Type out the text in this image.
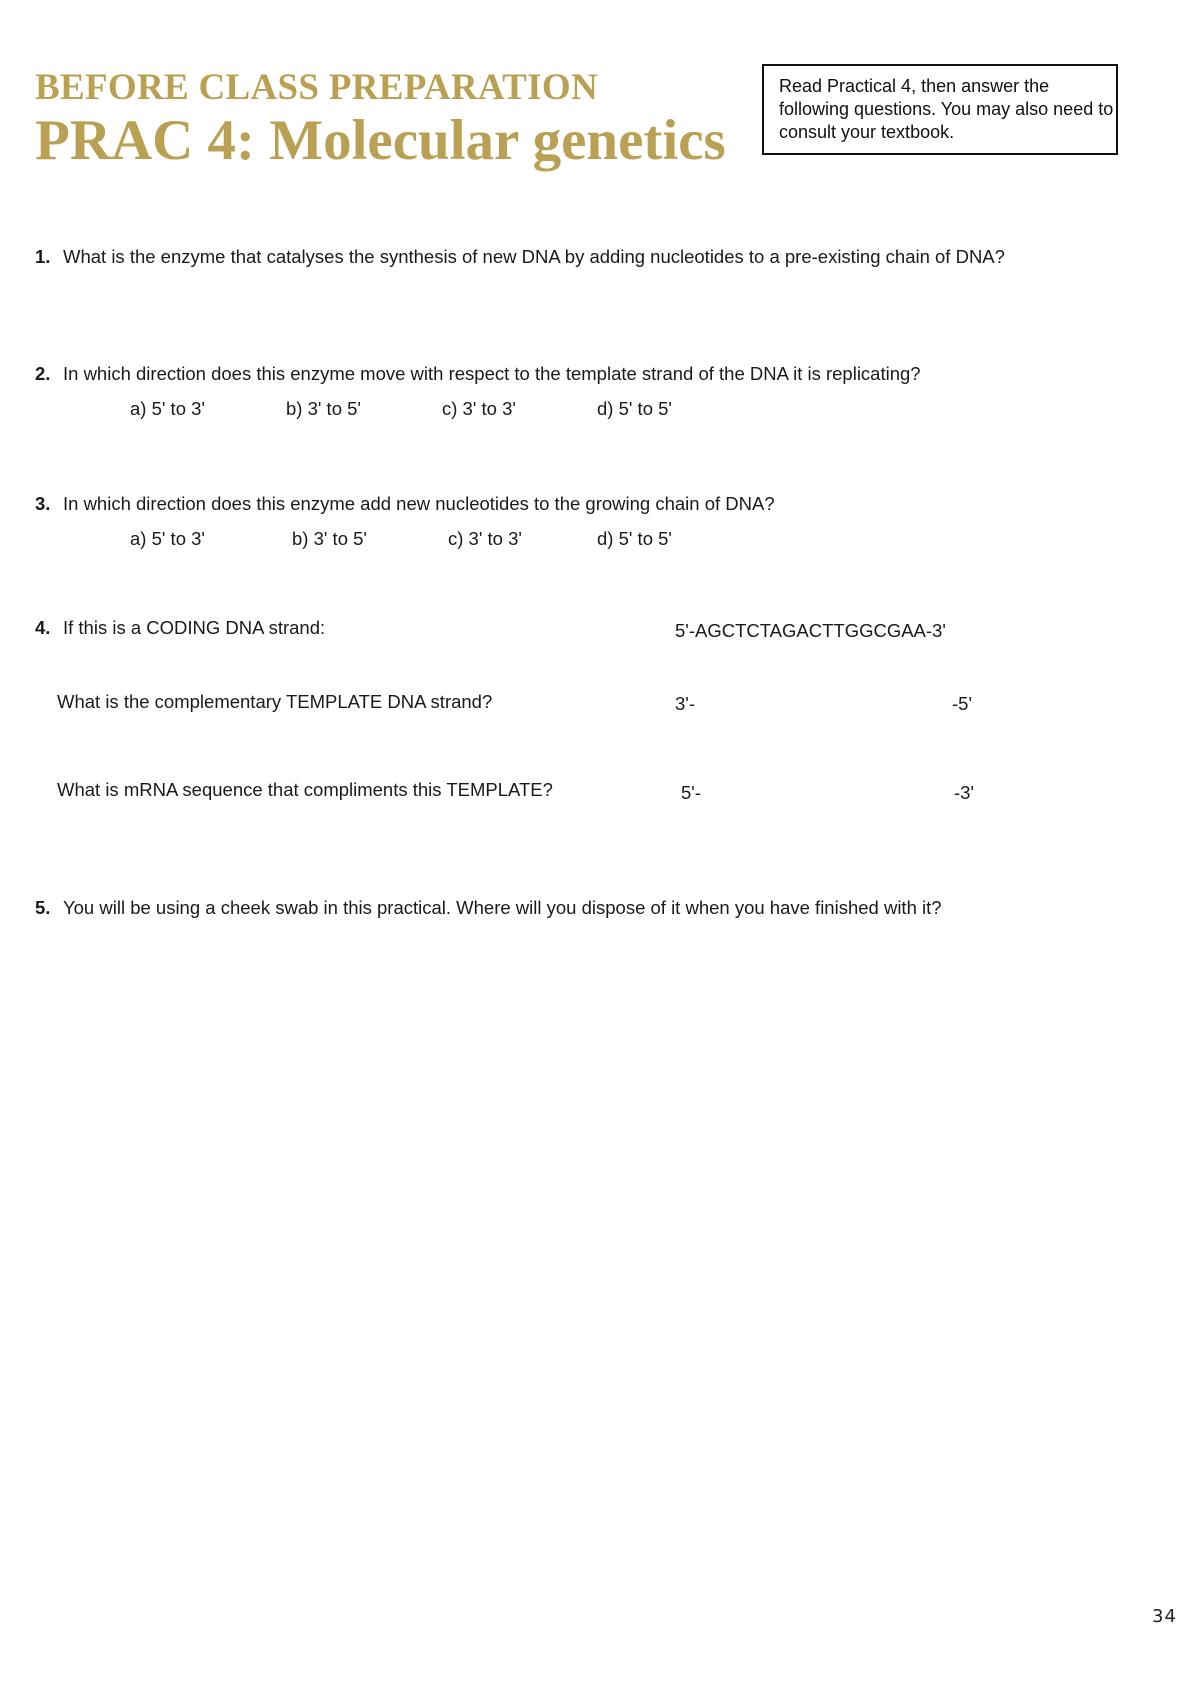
BEFORE CLASS PREPARATION
PRAC 4: Molecular genetics
Read Practical 4, then answer the following questions. You may also need to consult your textbook.
1. What is the enzyme that catalyses the synthesis of new DNA by adding nucleotides to a pre-existing chain of DNA?
2. In which direction does this enzyme move with respect to the template strand of the DNA it is replicating?
a) 5' to 3'	b) 3' to 5'	c) 3' to 3'	d) 5' to 5'
3. In which direction does this enzyme add new nucleotides to the growing chain of DNA?
a) 5' to 3'	b) 3' to 5'	c) 3' to 3'	d) 5' to 5'
4. If this is a CODING DNA strand:	5'-AGCTCTAGACTTGGCGAA-3'
What is the complementary TEMPLATE DNA strand?	3'-	-5'
What is mRNA sequence that compliments this TEMPLATE?	5'-	-3'
5. You will be using a cheek swab in this practical. Where will you dispose of it when you have finished with it?
34
